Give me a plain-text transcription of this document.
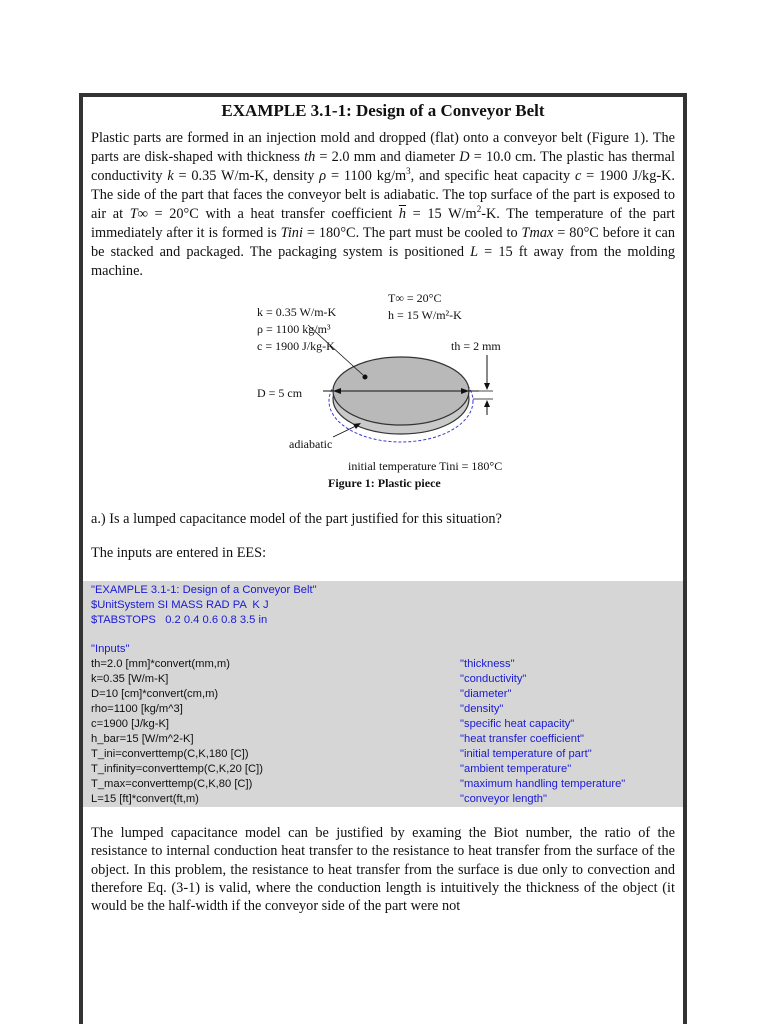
EXAMPLE 3.1-1: Design of a Conveyor Belt

Plastic parts are formed in an injection mold and dropped (flat) onto a conveyor belt (Figure 1). The parts are disk-shaped with thickness th = 2.0 mm and diameter D = 10.0 cm. The plastic has thermal conductivity k = 0.35 W/m-K, density ρ = 1100 $kg/m^3$, and specific heat capacity c = 1900 J/kg-K. The side of the part that faces the conveyor belt is adiabatic. The top surface of the part is exposed to air at T∞ = 20°C with a heat transfer coefficient $\overline{h} = 15$ $W/m^2-K$. The temperature of the part immediately after it is formed is Tini = 180°C. The part must be cooled to Tmax = 80°C before it can be stacked and packaged. The packaging system is positioned L = 15 ft away from the molding machine.

k = 0.35 W/m-K
ρ = 1100 kg/m³
c = 1900 J/kg-K
T∞ = 20°C
h = 15 W/m²-K
th = 2 mm
D = 5 cm
adiabatic
initial temperature Tini = 180°C
Figure 1: Plastic piece

a.) Is a lumped capacitance model of the part justified for this situation?

The inputs are entered in EES:

"EXAMPLE 3.1-1: Design of a Conveyor Belt"
$UnitSystem SI MASS RAD PA  K J
$TABSTOPS   0.2 0.4 0.6 0.8 3.5 in
"Inputs"
th=2.0 [mm]*convert(mm,m)	"thickness"
k=0.35 [W/m-K]	"conductivity"
D=10 [cm]*convert(cm,m)	"diameter"
rho=1100 [kg/m^3]	"density"
c=1900 [J/kg-K]	"specific heat capacity"
h_bar=15 [W/m^2-K]	"heat transfer coefficient"
T_ini=converttemp(C,K,180 [C])	"initial temperature of part"
T_infinity=converttemp(C,K,20 [C])	"ambient temperature"
T_max=converttemp(C,K,80 [C])	"maximum handling temperature"
L=15 [ft]*convert(ft,m)	"conveyor length"

The lumped capacitance model can be justified by examing the Biot number, the ratio of the resistance to internal conduction heat transfer to the resistance to heat transfer from the surface of the object. In this problem, the resistance to heat transfer from the surface is due only to convection and therefore Eq. (3-1) is valid, where the conduction length is intuitively the thickness of the object (it would be the half-width if the conveyor side of the part were not
